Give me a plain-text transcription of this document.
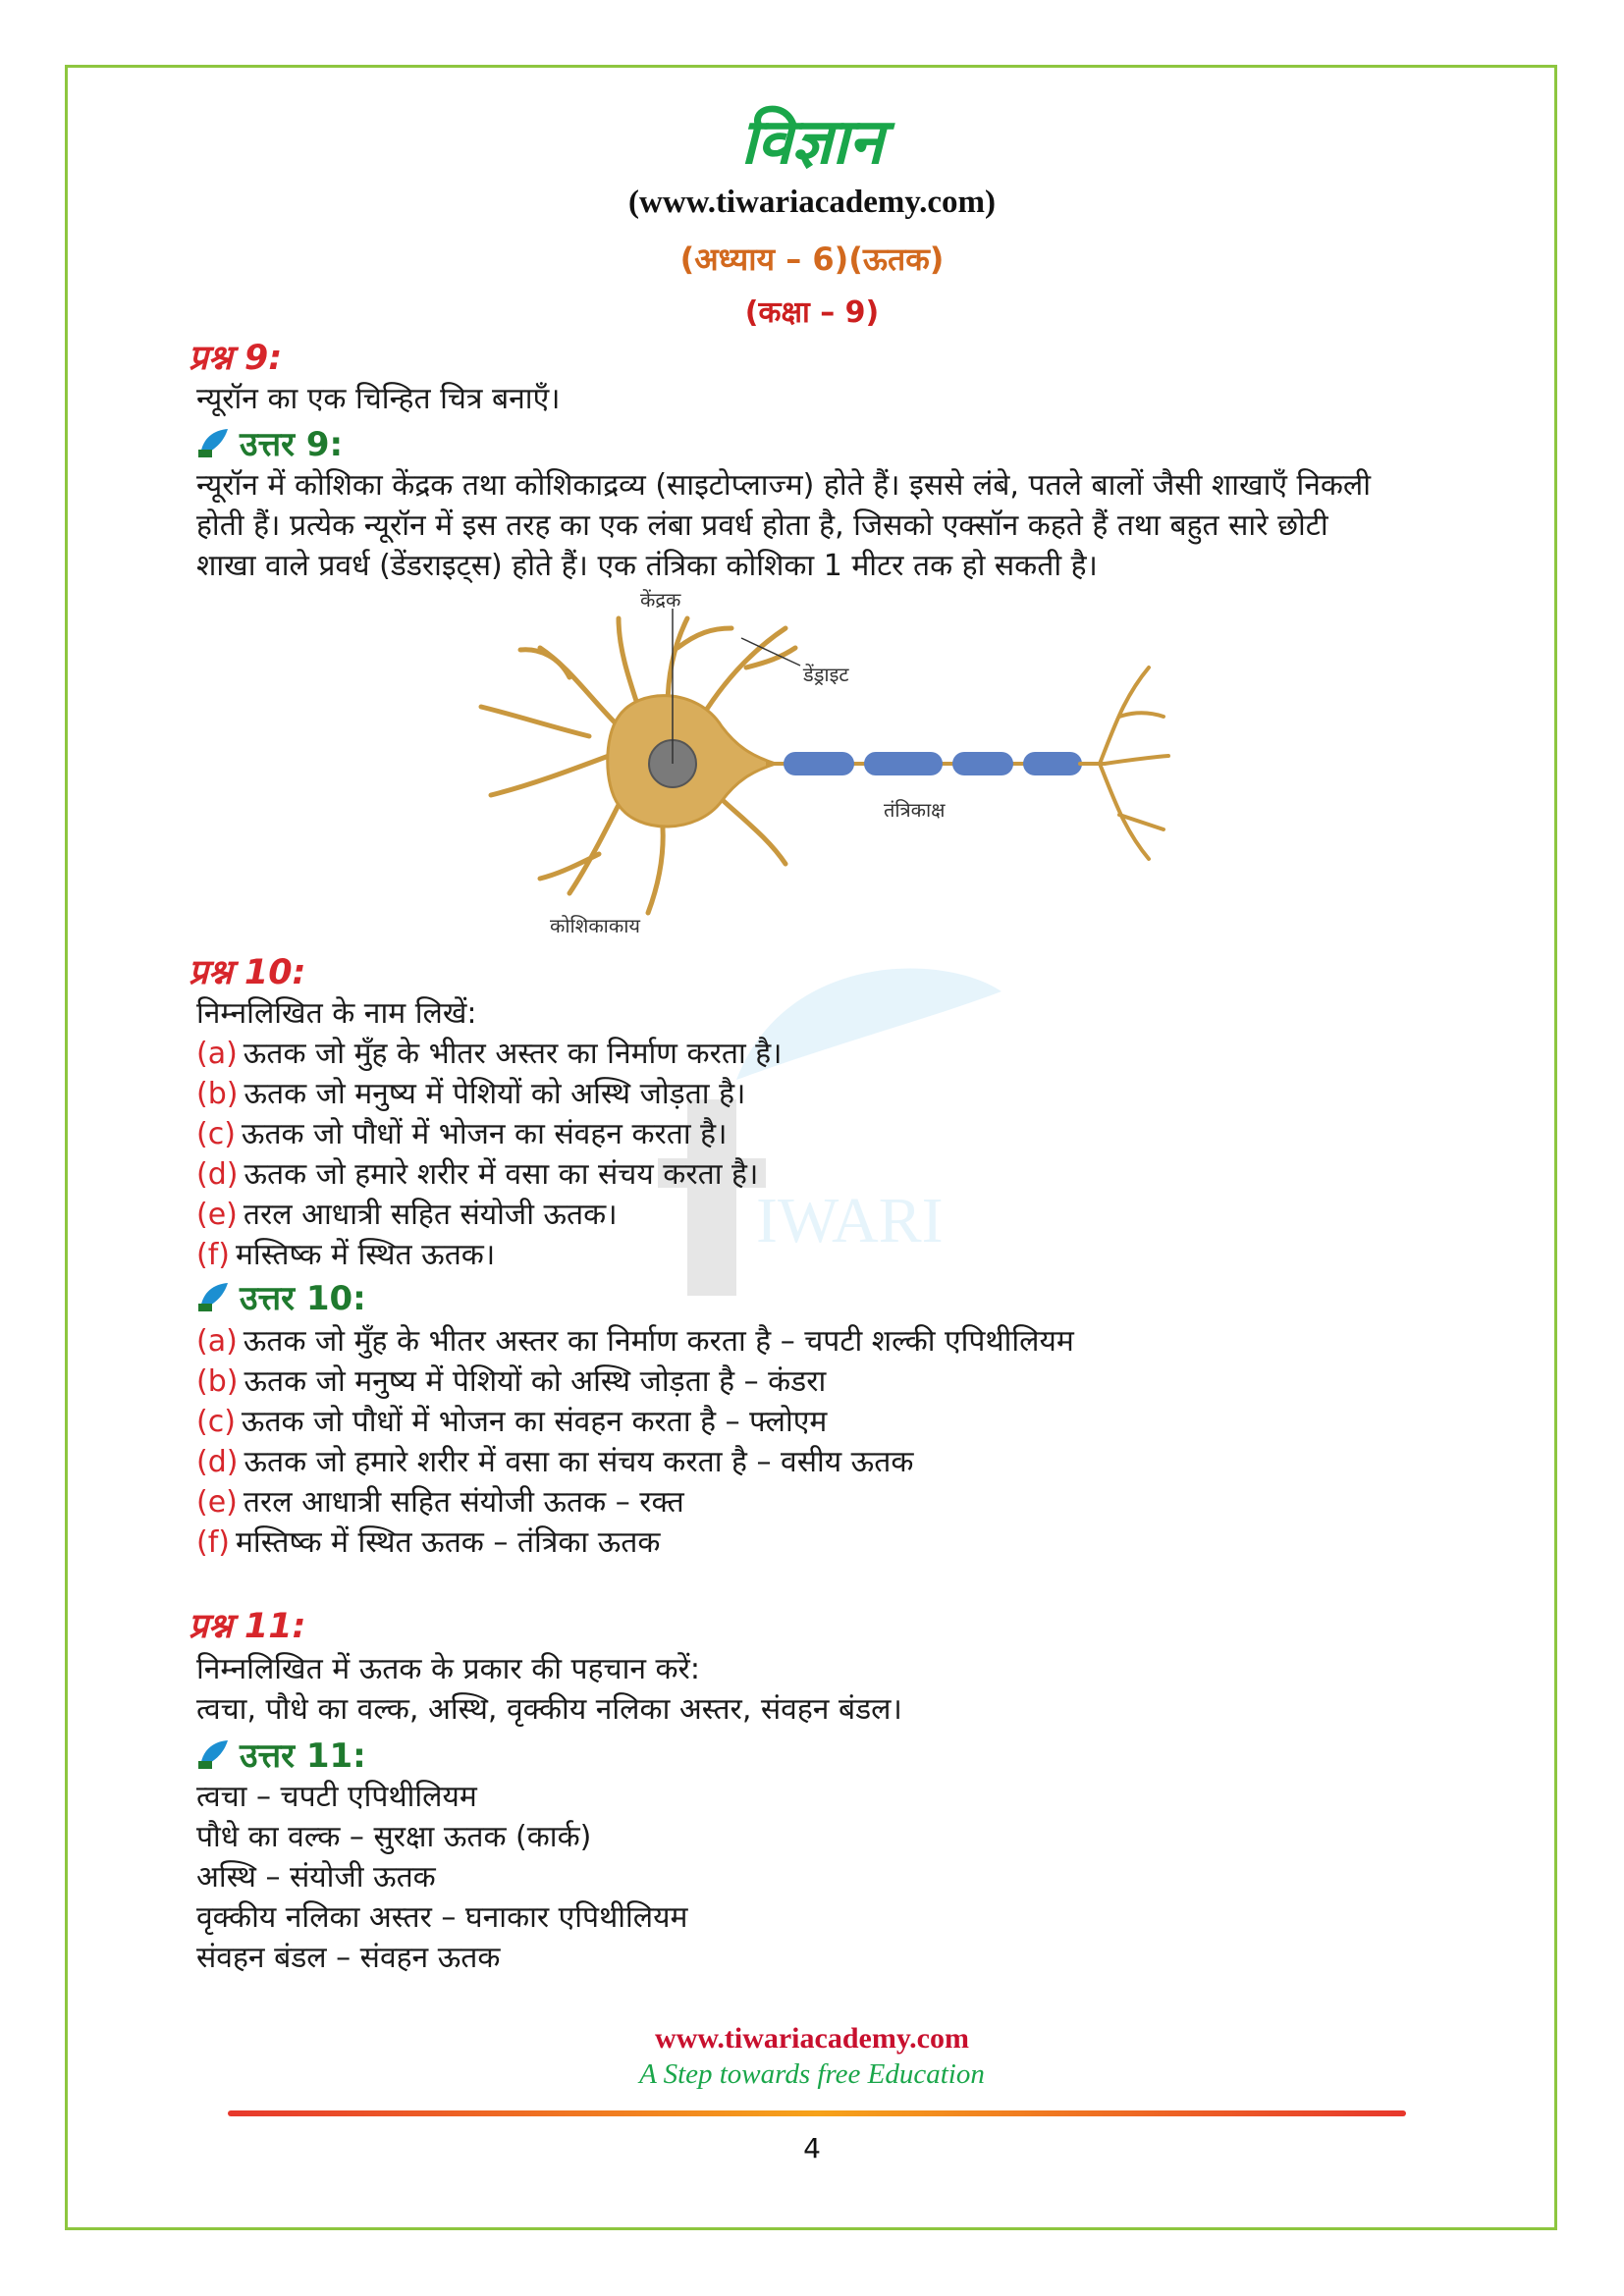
IWARI
विज्ञान
(www.tiwariacademy.com)
(अध्याय – 6)(ऊतक)
(कक्षा – 9)
प्रश्न 9:
न्यूरॉन का एक चिन्हित चित्र बनाएँ।
उत्तर 9:
न्यूरॉन में कोशिका केंद्रक तथा कोशिकाद्रव्य (साइटोप्लाज्म) होते हैं। इससे लंबे, पतले बालों जैसी शाखाएँ निकली
होती हैं। प्रत्येक न्यूरॉन में इस तरह का एक लंबा प्रवर्ध होता है, जिसको एक्सॉन कहते हैं तथा बहुत सारे छोटी
शाखा वाले प्रवर्ध (डेंडराइट्स) होते हैं। एक तंत्रिका कोशिका 1 मीटर तक हो सकती है।
केंद्रक
डेंड्राइट
तंत्रिकाक्ष
कोशिकाकाय
प्रश्न 10:
निम्नलिखित के नाम लिखें:
(a) ऊतक जो मुँह के भीतर अस्तर का निर्माण करता है।
(b) ऊतक जो मनुष्य में पेशियों को अस्थि जोड़ता है।
(c) ऊतक जो पौधों में भोजन का संवहन करता है।
(d) ऊतक जो हमारे शरीर में वसा का संचय करता है।
(e) तरल आधात्री सहित संयोजी ऊतक।
(f) मस्तिष्क में स्थित ऊतक।
उत्तर 10:
(a) ऊतक जो मुँह के भीतर अस्तर का निर्माण करता है – चपटी शल्की एपिथीलियम
(b) ऊतक जो मनुष्य में पेशियों को अस्थि जोड़ता है – कंडरा
(c) ऊतक जो पौधों में भोजन का संवहन करता है – फ्लोएम
(d) ऊतक जो हमारे शरीर में वसा का संचय करता है – वसीय ऊतक
(e) तरल आधात्री सहित संयोजी ऊतक – रक्त
(f) मस्तिष्क में स्थित ऊतक – तंत्रिका ऊतक
प्रश्न 11:
निम्नलिखित में ऊतक के प्रकार की पहचान करें:
त्वचा, पौधे का वल्क, अस्थि, वृक्कीय नलिका अस्तर, संवहन बंडल।
उत्तर 11:
त्वचा – चपटी एपिथीलियम
पौधे का वल्क – सुरक्षा ऊतक (कार्क)
अस्थि – संयोजी ऊतक
वृक्कीय नलिका अस्तर – घनाकार एपिथीलियम
संवहन बंडल – संवहन ऊतक
www.tiwariacademy.com
A Step towards free Education
4
